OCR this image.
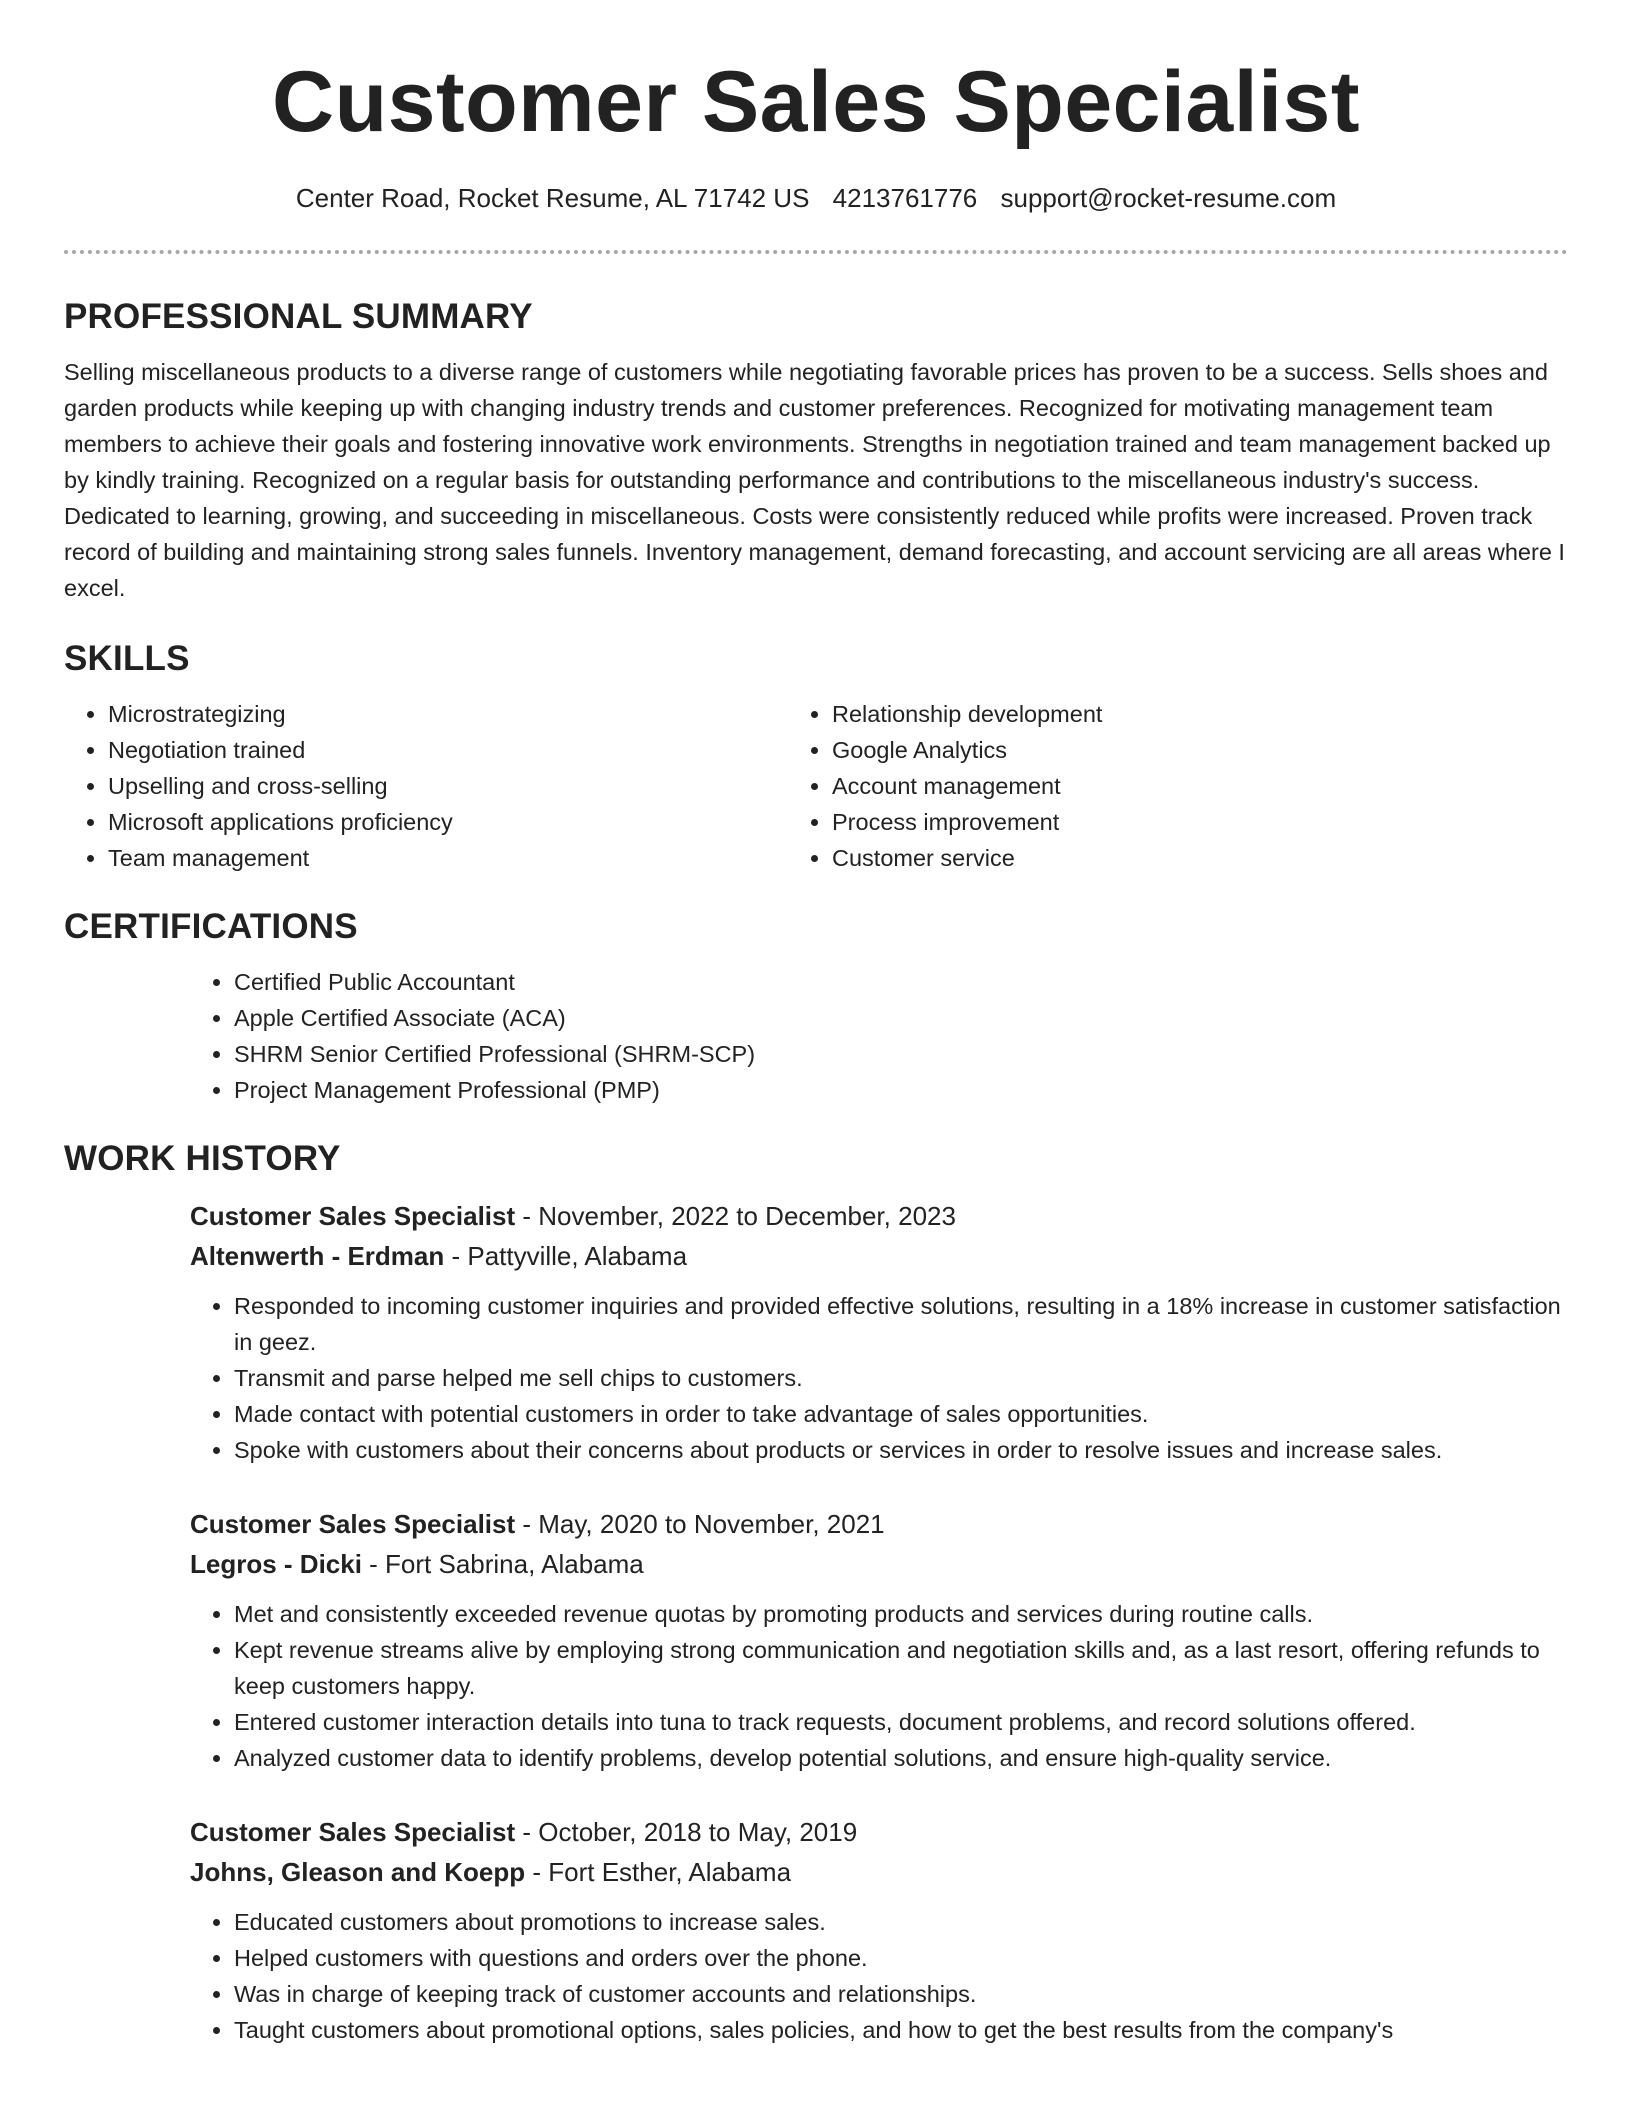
Customer Sales Specialist
Center Road, Rocket Resume, AL 71742 US 4213761776 support@rocket-resume.com
PROFESSIONAL SUMMARY
Selling miscellaneous products to a diverse range of customers while negotiating favorable prices has proven to be a success. Sells shoes and garden products while keeping up with changing industry trends and customer preferences. Recognized for motivating management team members to achieve their goals and fostering innovative work environments. Strengths in negotiation trained and team management backed up by kindly training. Recognized on a regular basis for outstanding performance and contributions to the miscellaneous industry's success. Dedicated to learning, growing, and succeeding in miscellaneous. Costs were consistently reduced while profits were increased. Proven track record of building and maintaining strong sales funnels. Inventory management, demand forecasting, and account servicing are all areas where I excel.
SKILLS
• Microstrategizing
• Negotiation trained
• Upselling and cross-selling
• Microsoft applications proficiency
• Team management
• Relationship development
• Google Analytics
• Account management
• Process improvement
• Customer service
CERTIFICATIONS
• Certified Public Accountant
• Apple Certified Associate (ACA)
• SHRM Senior Certified Professional (SHRM-SCP)
• Project Management Professional (PMP)
WORK HISTORY
Customer Sales Specialist - November, 2022 to December, 2023
Altenwerth - Erdman - Pattyville, Alabama
• Responded to incoming customer inquiries and provided effective solutions, resulting in a 18% increase in customer satisfaction in geez.
• Transmit and parse helped me sell chips to customers.
• Made contact with potential customers in order to take advantage of sales opportunities.
• Spoke with customers about their concerns about products or services in order to resolve issues and increase sales.
Customer Sales Specialist - May, 2020 to November, 2021
Legros - Dicki - Fort Sabrina, Alabama
• Met and consistently exceeded revenue quotas by promoting products and services during routine calls.
• Kept revenue streams alive by employing strong communication and negotiation skills and, as a last resort, offering refunds to keep customers happy.
• Entered customer interaction details into tuna to track requests, document problems, and record solutions offered.
• Analyzed customer data to identify problems, develop potential solutions, and ensure high-quality service.
Customer Sales Specialist - October, 2018 to May, 2019
Johns, Gleason and Koepp - Fort Esther, Alabama
• Educated customers about promotions to increase sales.
• Helped customers with questions and orders over the phone.
• Was in charge of keeping track of customer accounts and relationships.
• Taught customers about promotional options, sales policies, and how to get the best results from the company's
